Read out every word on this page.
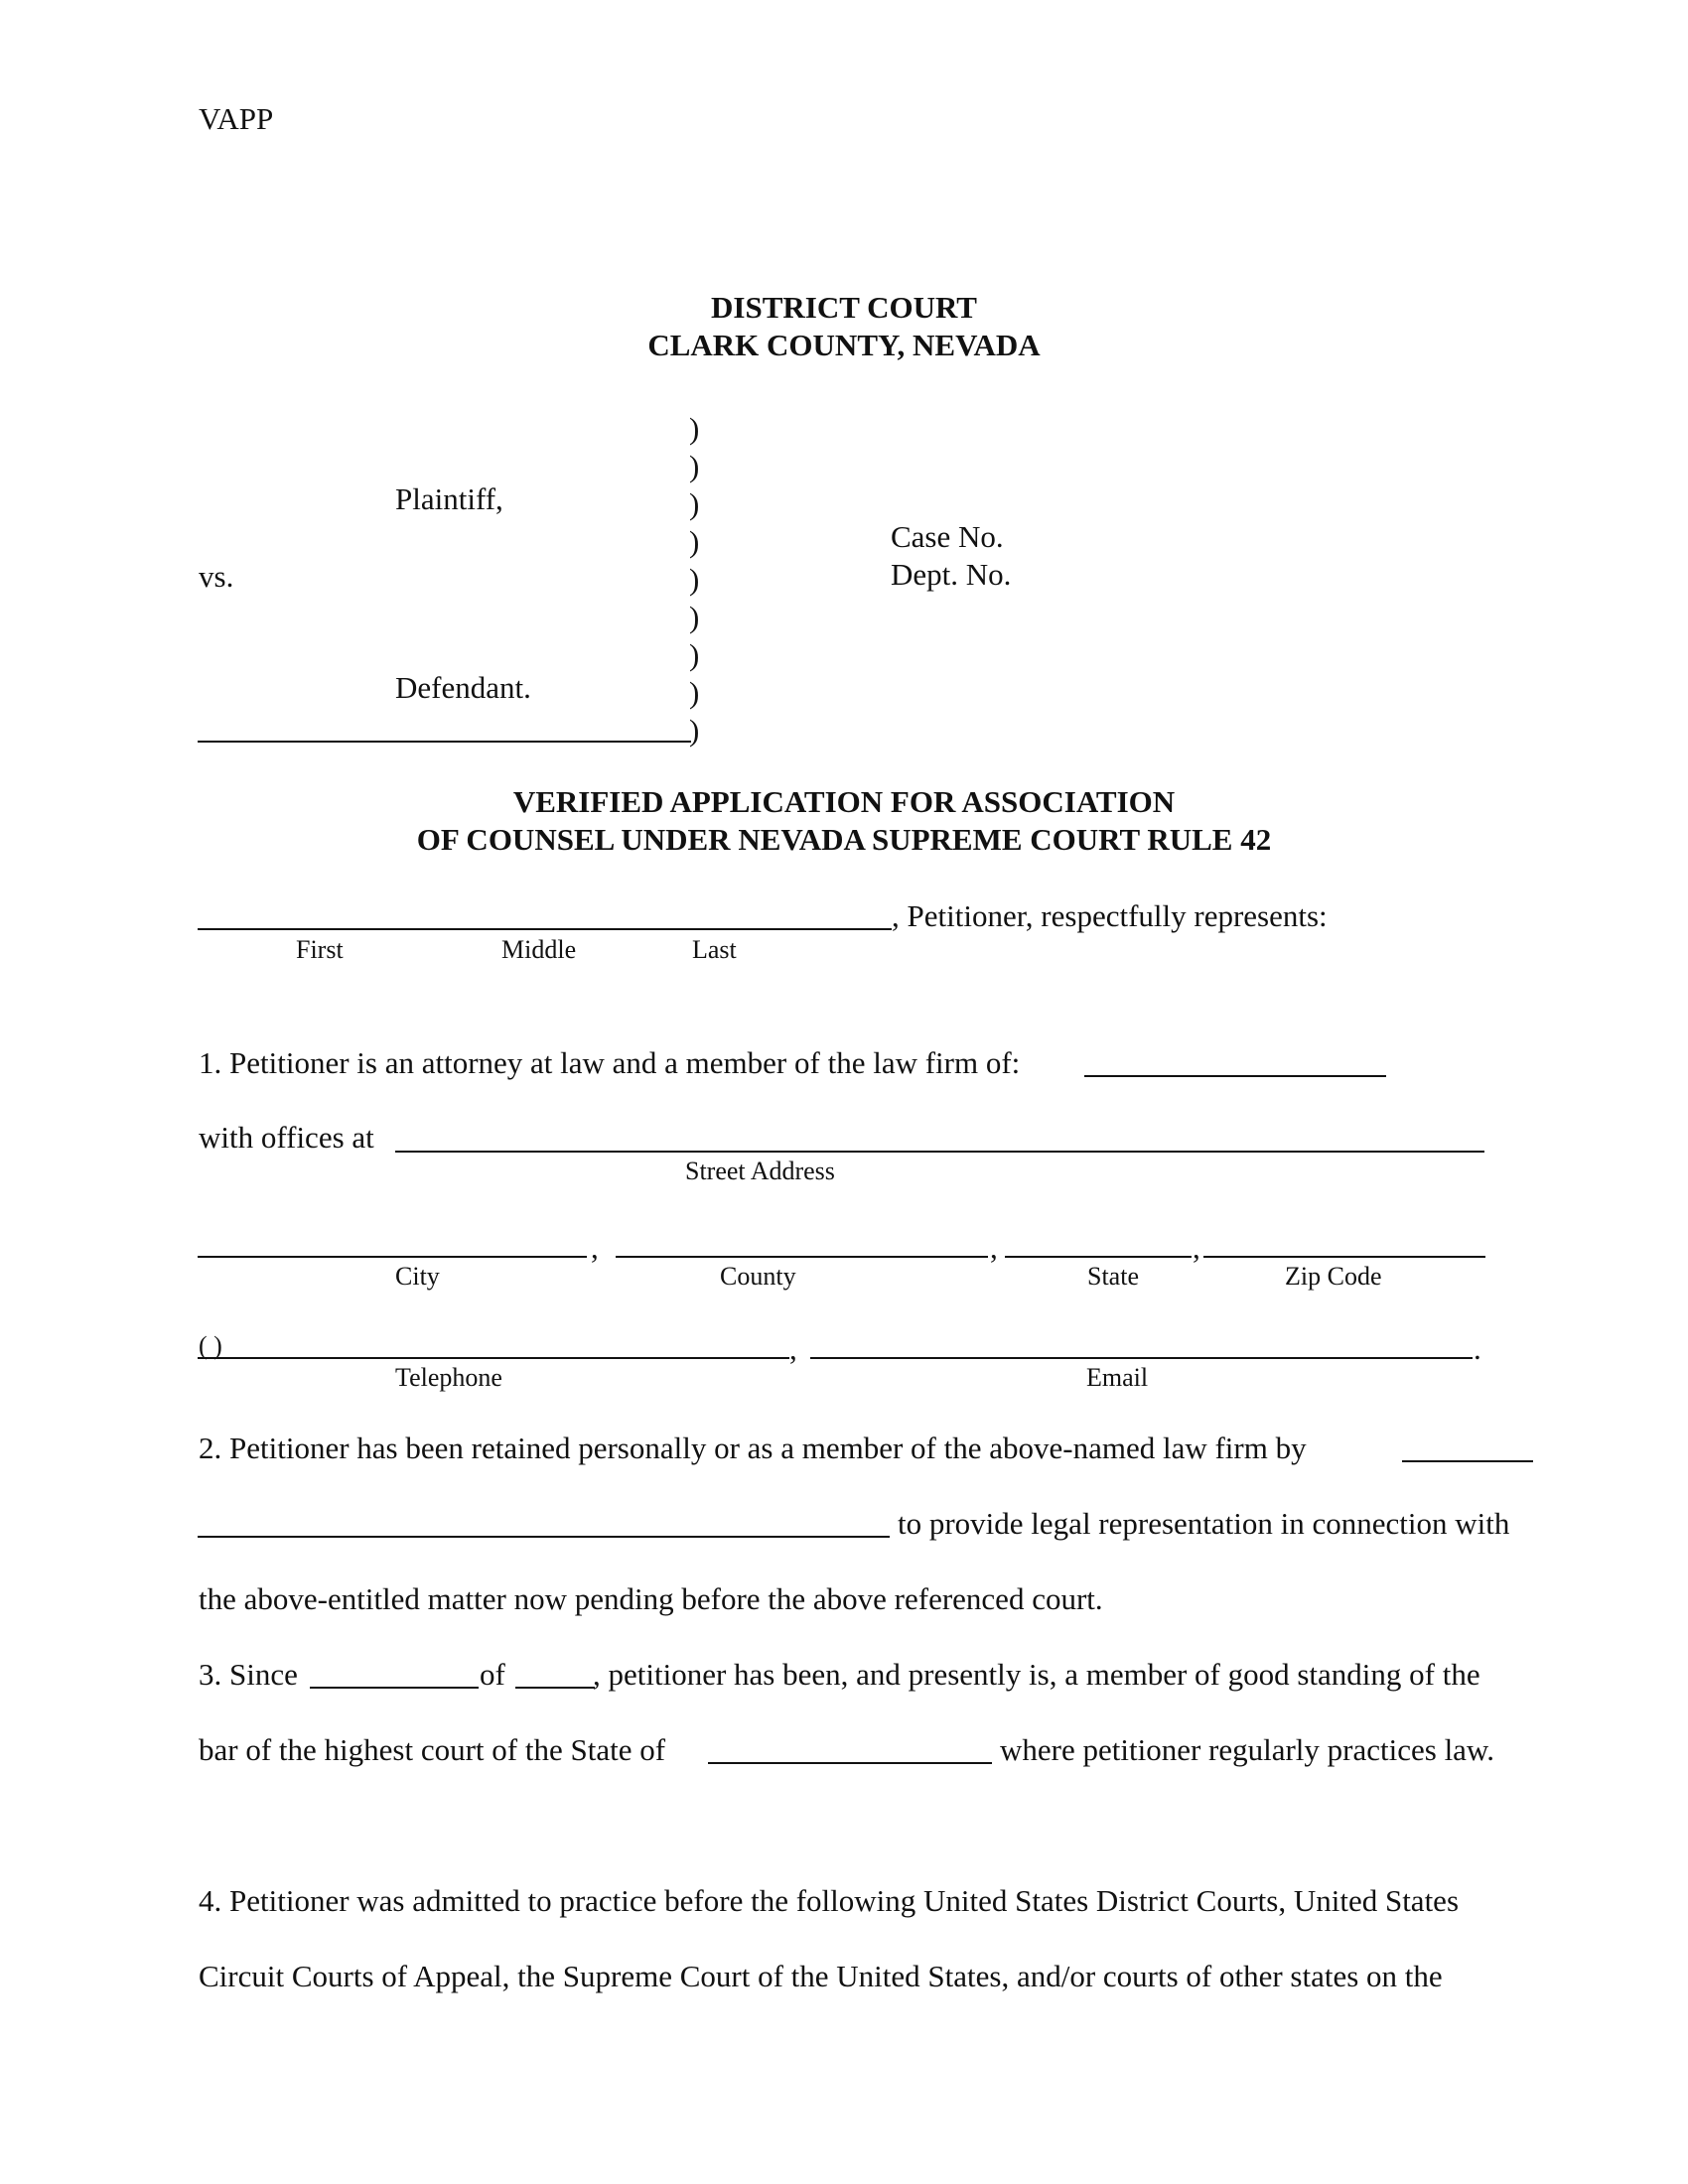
VAPP
DISTRICT COURT
CLARK COUNTY, NEVADA
)
)
)
)
)
)
)
)
)
Plaintiff,
vs.
Defendant.
Case No.
Dept. No.
VERIFIED APPLICATION FOR ASSOCIATION
OF COUNSEL UNDER NEVADA SUPREME COURT RULE 42
, Petitioner, respectfully represents:
First	Middle	Last
1. Petitioner is an attorney at law and a member of the law firm of:
with offices at
Street Address
,	,	,
City	County	State	Zip Code
( )	,	.
Telephone	Email
2. Petitioner has been retained personally or as a member of the above-named law firm by
to provide legal representation in connection with
the above-entitled matter now pending before the above referenced court.
3. Since	of	, petitioner has been, and presently is, a member of good standing of the
bar of the highest court of the State of	where petitioner regularly practices law.
4. Petitioner was admitted to practice before the following United States District Courts, United States
Circuit Courts of Appeal, the Supreme Court of the United States, and/or courts of other states on the
